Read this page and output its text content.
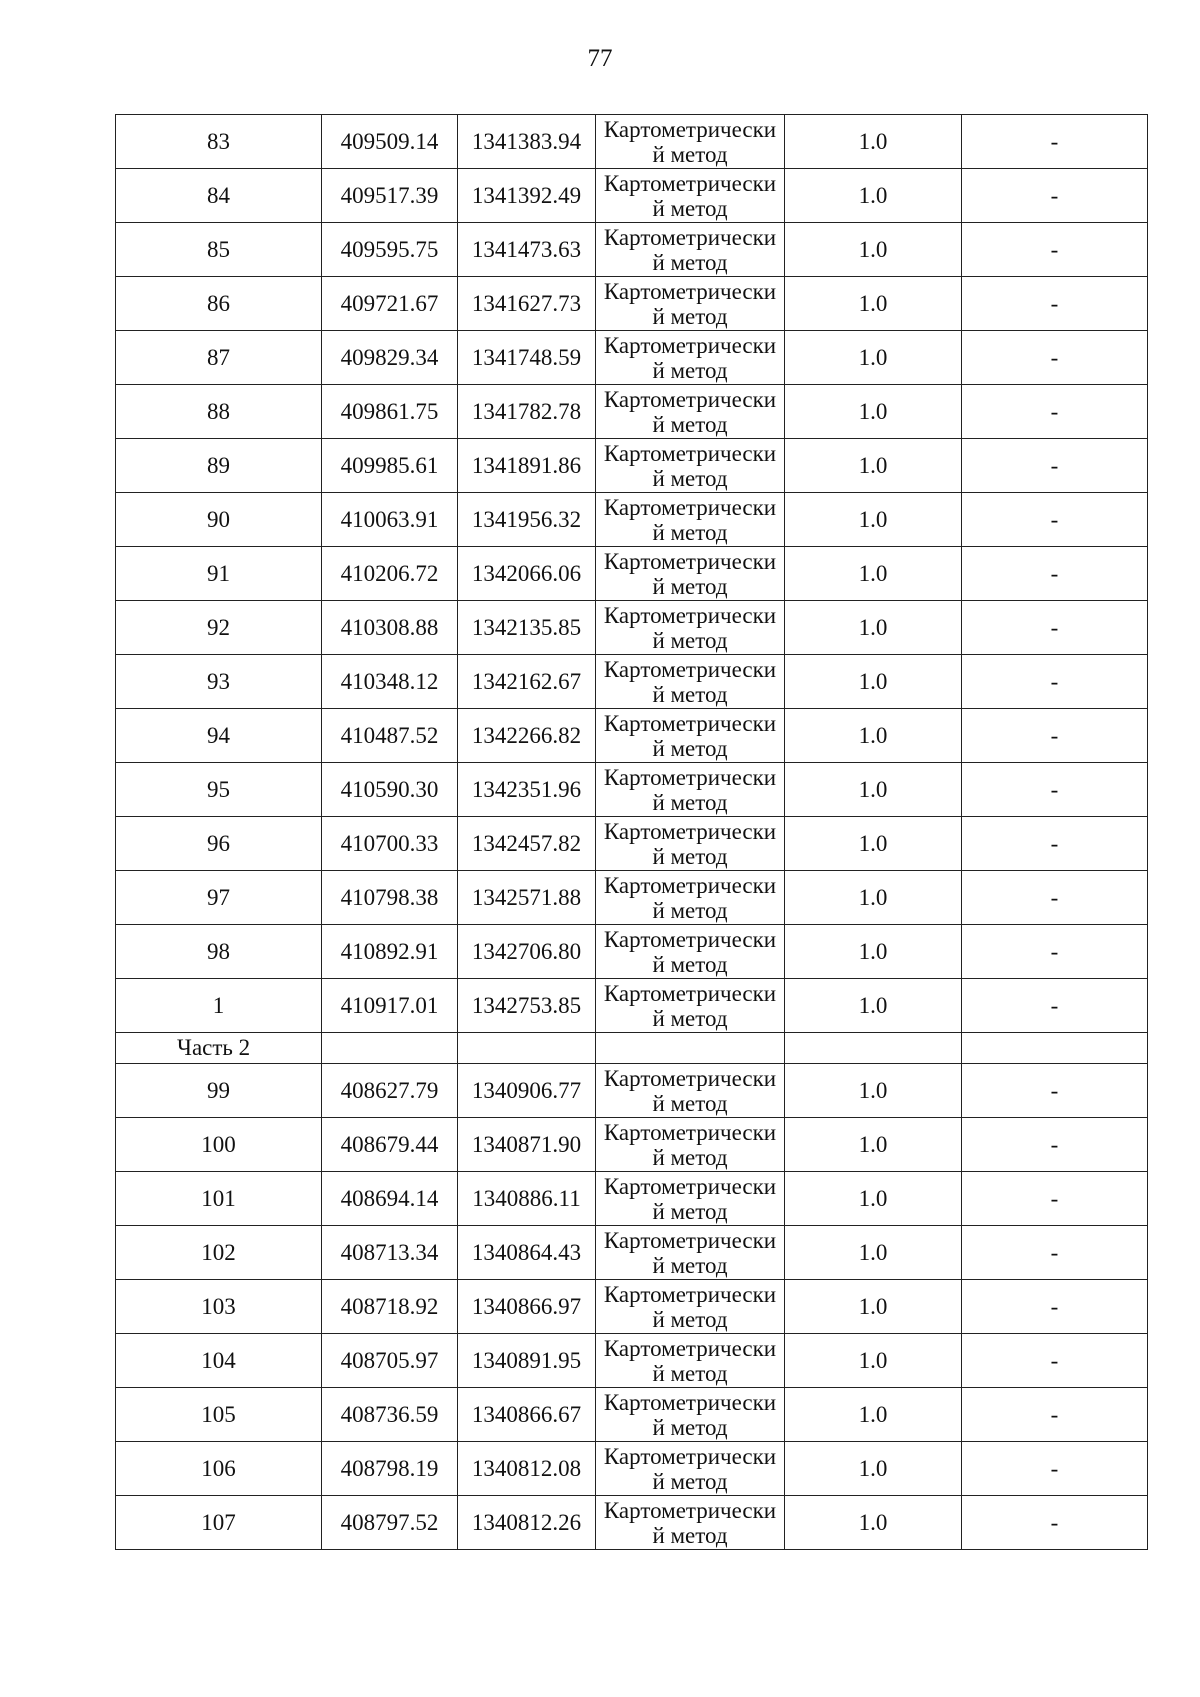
77
83	409509.14	1341383.94	Картометрически
й метод	1.0	-
84	409517.39	1341392.49	Картометрически
й метод	1.0	-
85	409595.75	1341473.63	Картометрически
й метод	1.0	-
86	409721.67	1341627.73	Картометрически
й метод	1.0	-
87	409829.34	1341748.59	Картометрически
й метод	1.0	-
88	409861.75	1341782.78	Картометрически
й метод	1.0	-
89	409985.61	1341891.86	Картометрически
й метод	1.0	-
90	410063.91	1341956.32	Картометрически
й метод	1.0	-
91	410206.72	1342066.06	Картометрически
й метод	1.0	-
92	410308.88	1342135.85	Картометрически
й метод	1.0	-
93	410348.12	1342162.67	Картометрически
й метод	1.0	-
94	410487.52	1342266.82	Картометрически
й метод	1.0	-
95	410590.30	1342351.96	Картометрически
й метод	1.0	-
96	410700.33	1342457.82	Картометрически
й метод	1.0	-
97	410798.38	1342571.88	Картометрически
й метод	1.0	-
98	410892.91	1342706.80	Картометрически
й метод	1.0	-
1	410917.01	1342753.85	Картометрически
й метод	1.0	-
Часть 2					
99	408627.79	1340906.77	Картометрически
й метод	1.0	-
100	408679.44	1340871.90	Картометрически
й метод	1.0	-
101	408694.14	1340886.11	Картометрически
й метод	1.0	-
102	408713.34	1340864.43	Картометрически
й метод	1.0	-
103	408718.92	1340866.97	Картометрически
й метод	1.0	-
104	408705.97	1340891.95	Картометрически
й метод	1.0	-
105	408736.59	1340866.67	Картометрически
й метод	1.0	-
106	408798.19	1340812.08	Картометрически
й метод	1.0	-
107	408797.52	1340812.26	Картометрически
й метод	1.0	-
